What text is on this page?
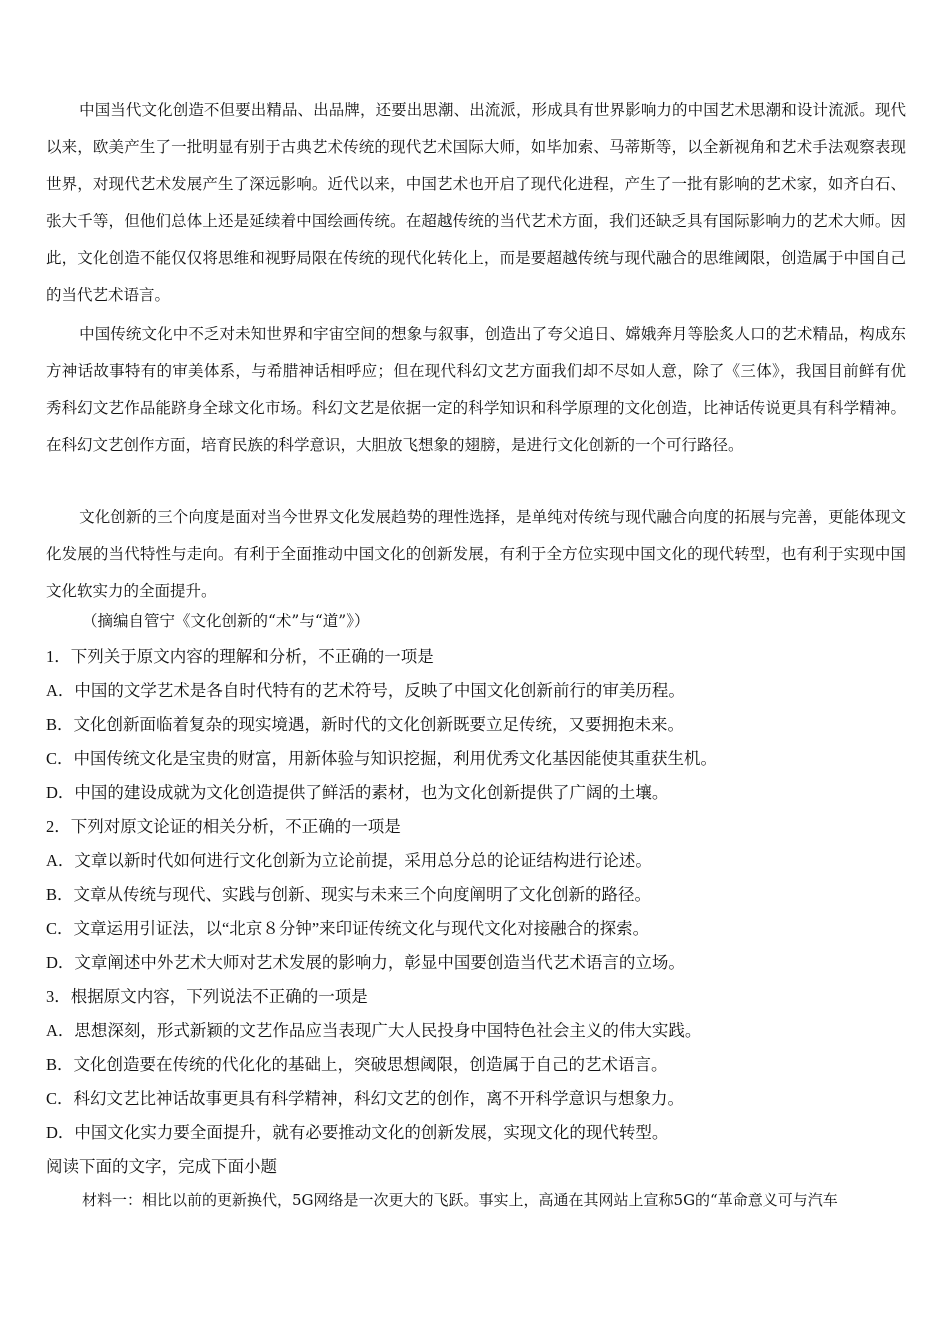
中国当代文化创造不但要出精品、出品牌，还要出思潮、出流派，形成具有世界影响力的中国艺术思潮和设计流派。现代以来，欧美产生了一批明显有别于古典艺术传统的现代艺术国际大师，如毕加索、马蒂斯等，以全新视角和艺术手法观察表现世界，对现代艺术发展产生了深远影响。近代以来，中国艺术也开启了现代化进程，产生了一批有影响的艺术家，如齐白石、张大千等，但他们总体上还是延续着中国绘画传统。在超越传统的当代艺术方面，我们还缺乏具有国际影响力的艺术大师。因此，文化创造不能仅仅将思维和视野局限在传统的现代化转化上，而是要超越传统与现代融合的思维阈限，创造属于中国自己的当代艺术语言。

中国传统文化中不乏对未知世界和宇宙空间的想象与叙事，创造出了夸父追日、嫦娥奔月等脍炙人口的艺术精品，构成东方神话故事特有的审美体系，与希腊神话相呼应；但在现代科幻文艺方面我们却不尽如人意，除了《三体》，我国目前鲜有优秀科幻文艺作品能跻身全球文化市场。科幻文艺是依据一定的科学知识和科学原理的文化创造，比神话传说更具有科学精神。在科幻文艺创作方面，培育民族的科学意识，大胆放飞想象的翅膀，是进行文化创新的一个可行路径。

文化创新的三个向度是面对当今世界文化发展趋势的理性选择，是单纯对传统与现代融合向度的拓展与完善，更能体现文化发展的当代特性与走向。有利于全面推动中国文化的创新发展，有利于全方位实现中国文化的现代转型，也有利于实现中国文化软实力的全面提升。

（摘编自管宁《文化创新的“术”与“道”》）

1．下列关于原文内容的理解和分析，不正确的一项是

A．中国的文学艺术是各自时代特有的艺术符号，反映了中国文化创新前行的审美历程。

B．文化创新面临着复杂的现实境遇，新时代的文化创新既要立足传统，又要拥抱未来。

C．中国传统文化是宝贵的财富，用新体验与知识挖掘，利用优秀文化基因能使其重获生机。

D．中国的建设成就为文化创造提供了鲜活的素材，也为文化创新提供了广阔的土壤。

2．下列对原文论证的相关分析，不正确的一项是

A．文章以新时代如何进行文化创新为立论前提，采用总分总的论证结构进行论述。

B．文章从传统与现代、实践与创新、现实与未来三个向度阐明了文化创新的路径。

C．文章运用引证法，以“北京８分钟”来印证传统文化与现代文化对接融合的探索。

D．文章阐述中外艺术大师对艺术发展的影响力，彰显中国要创造当代艺术语言的立场。

3．根据原文内容，下列说法不正确的一项是

A．思想深刻，形式新颖的文艺作品应当表现广大人民投身中国特色社会主义的伟大实践。

B．文化创造要在传统的代化化的基础上，突破思想阈限，创造属于自己的艺术语言。

C．科幻文艺比神话故事更具有科学精神，科幻文艺的创作，离不开科学意识与想象力。

D．中国文化实力要全面提升，就有必要推动文化的创新发展，实现文化的现代转型。

阅读下面的文字，完成下面小题

材料一：相比以前的更新换代，5G网络是一次更大的飞跃。事实上，高通在其网站上宣称5G的“革命意义可与汽车
